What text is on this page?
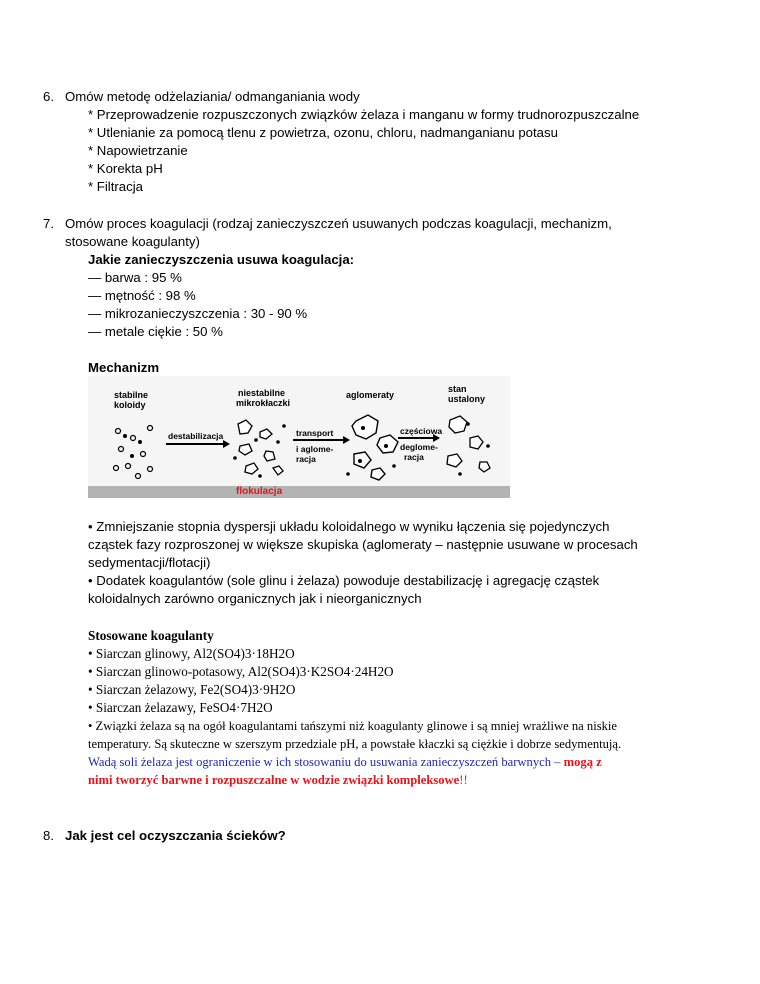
6. Omów metodę odżelaziania/ odmanganiania wody
* Przeprowadzenie rozpuszczonych związków żelaza i manganu w formy trudnorozpuszczalne
* Utlenianie za pomocą tlenu z powietrza, ozonu, chloru, nadmanganianu potasu
* Napowietrzanie
* Korekta pH
* Filtracja
7. Omów proces koagulacji (rodzaj zanieczyszczeń usuwanych podczas koagulacji, mechanizm,
stosowane koagulanty)
Jakie zanieczyszczenia usuwa koagulacja:
— barwa : 95 %
— mętność : 98 %
— mikrozanieczyszczenia : 30 - 90 %
— metale ciękie : 50 %
Mechanizm
flokulacja
stabilne koloidy
niestabilne mikrokłaczki
aglomeraty
stan ustalony
destabilizacja	transport i aglome-racja
częściowa deglome-racja
• Zmniejszanie stopnia dyspersji układu koloidalnego w wyniku łączenia się pojedynczych
cząstek fazy rozproszonej w większe skupiska (aglomeraty – następnie usuwane w procesach
sedymentacji/flotacji)
• Dodatek koagulantów (sole glinu i żelaza) powoduje destabilizację i agregację cząstek
koloidalnych zarówno organicznych jak i nieorganicznych
Stosowane koagulanty
• Siarczan glinowy, Al2(SO4)3·18H2O
• Siarczan glinowo-potasowy, Al2(SO4)3·K2SO4·24H2O
• Siarczan żelazowy, Fe2(SO4)3·9H2O
• Siarczan żelazawy, FeSO4·7H2O
• Związki żelaza są na ogół koagulantami tańszymi niż koagulanty glinowe i są mniej wrażliwe na niskie
temperatury. Są skuteczne w szerszym przedziale pH, a powstałe kłaczki są ciężkie i dobrze sedymentują.
Wadą soli żelaza jest ograniczenie w ich stosowaniu do usuwania zanieczyszczeń barwnych – mogą z
nimi tworzyć barwne i rozpuszczalne w wodzie związki kompleksowe!!
8. Jak jest cel oczyszczania ścieków?
